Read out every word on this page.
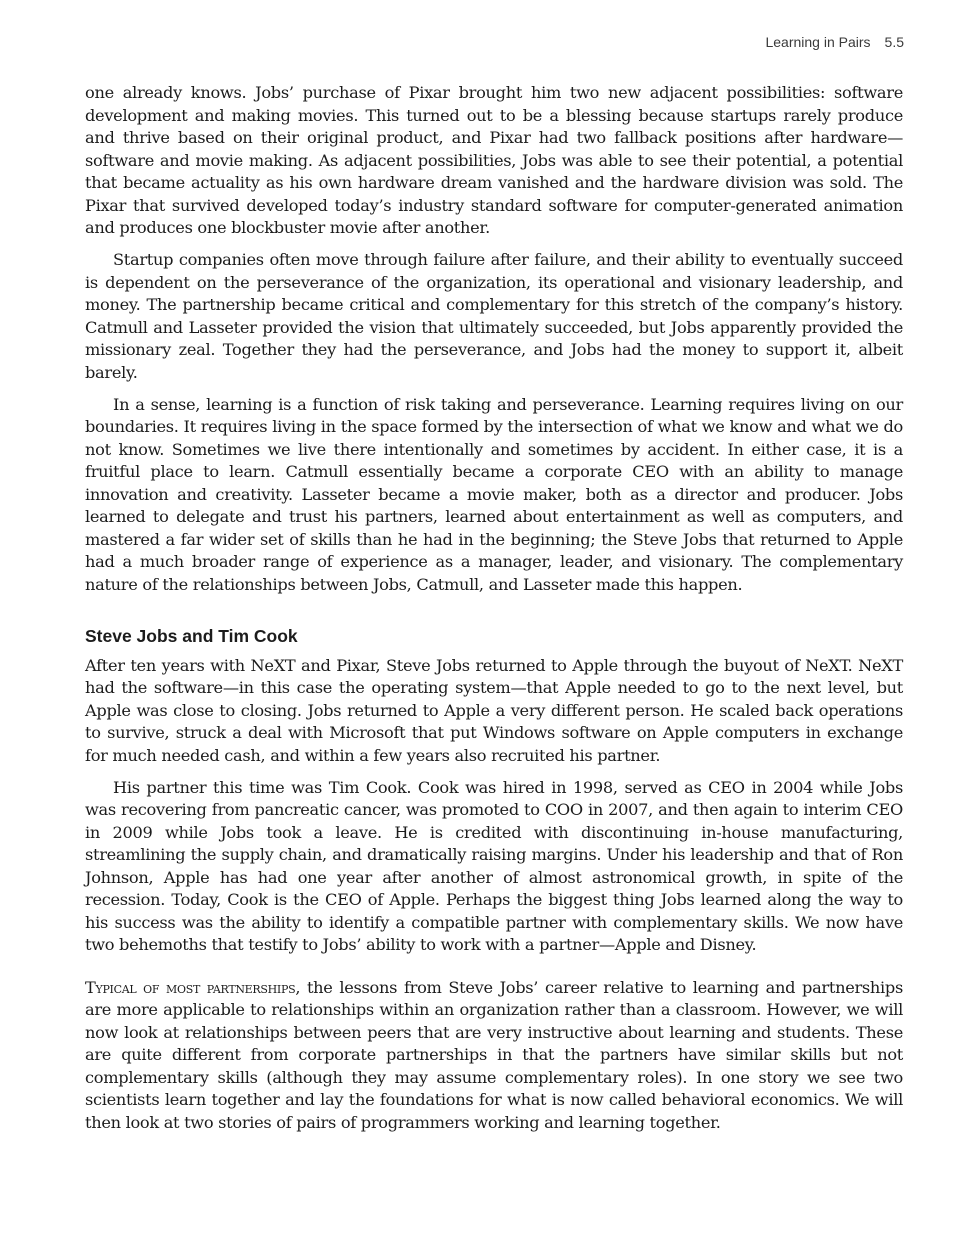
Learning in Pairs 5.5

one already knows. Jobs’ purchase of Pixar brought him two new adjacent possibilities: software development and making movies. This turned out to be a blessing because startups rarely produce and thrive based on their original product, and Pixar had two fallback positions after hardware—software and movie making. As adjacent possibilities, Jobs was able to see their potential, a potential that became actuality as his own hardware dream vanished and the hardware division was sold. The Pixar that survived developed today’s industry standard software for computer-generated animation and produces one blockbuster movie after another.

Startup companies often move through failure after failure, and their ability to eventually succeed is dependent on the perseverance of the organization, its operational and visionary leadership, and money. The partnership became critical and complementary for this stretch of the company’s history. Catmull and Lasseter provided the vision that ultimately succeeded, but Jobs apparently provided the missionary zeal. Together they had the perseverance, and Jobs had the money to support it, albeit barely.

In a sense, learning is a function of risk taking and perseverance. Learning requires living on our boundaries. It requires living in the space formed by the intersection of what we know and what we do not know. Sometimes we live there intentionally and sometimes by accident. In either case, it is a fruitful place to learn. Catmull essentially became a corporate CEO with an ability to manage innovation and creativity. Lasseter became a movie maker, both as a director and producer. Jobs learned to delegate and trust his partners, learned about entertainment as well as computers, and mastered a far wider set of skills than he had in the beginning; the Steve Jobs that returned to Apple had a much broader range of experience as a manager, leader, and visionary. The complementary nature of the relationships between Jobs, Catmull, and Lasseter made this happen.

Steve Jobs and Tim Cook

After ten years with NeXT and Pixar, Steve Jobs returned to Apple through the buyout of NeXT. NeXT had the software—in this case the operating system—that Apple needed to go to the next level, but Apple was close to closing. Jobs returned to Apple a very different person. He scaled back operations to survive, struck a deal with Microsoft that put Windows software on Apple computers in exchange for much needed cash, and within a few years also recruited his partner.

His partner this time was Tim Cook. Cook was hired in 1998, served as CEO in 2004 while Jobs was recovering from pancreatic cancer, was promoted to COO in 2007, and then again to interim CEO in 2009 while Jobs took a leave. He is credited with discontinuing in-house manufacturing, streamlining the supply chain, and dramatically raising margins. Under his leadership and that of Ron Johnson, Apple has had one year after another of almost astronomical growth, in spite of the recession. Today, Cook is the CEO of Apple. Perhaps the biggest thing Jobs learned along the way to his success was the ability to identify a compatible partner with complementary skills. We now have two behemoths that testify to Jobs’ ability to work with a partner—Apple and Disney.

Typical of most partnerships, the lessons from Steve Jobs’ career relative to learning and partnerships are more applicable to relationships within an organization rather than a classroom. However, we will now look at relationships between peers that are very instructive about learning and students. These are quite different from corporate partnerships in that the partners have similar skills but not complementary skills (although they may assume complementary roles). In one story we see two scientists learn together and lay the foundations for what is now called behavioral economics. We will then look at two stories of pairs of programmers working and learning together.
